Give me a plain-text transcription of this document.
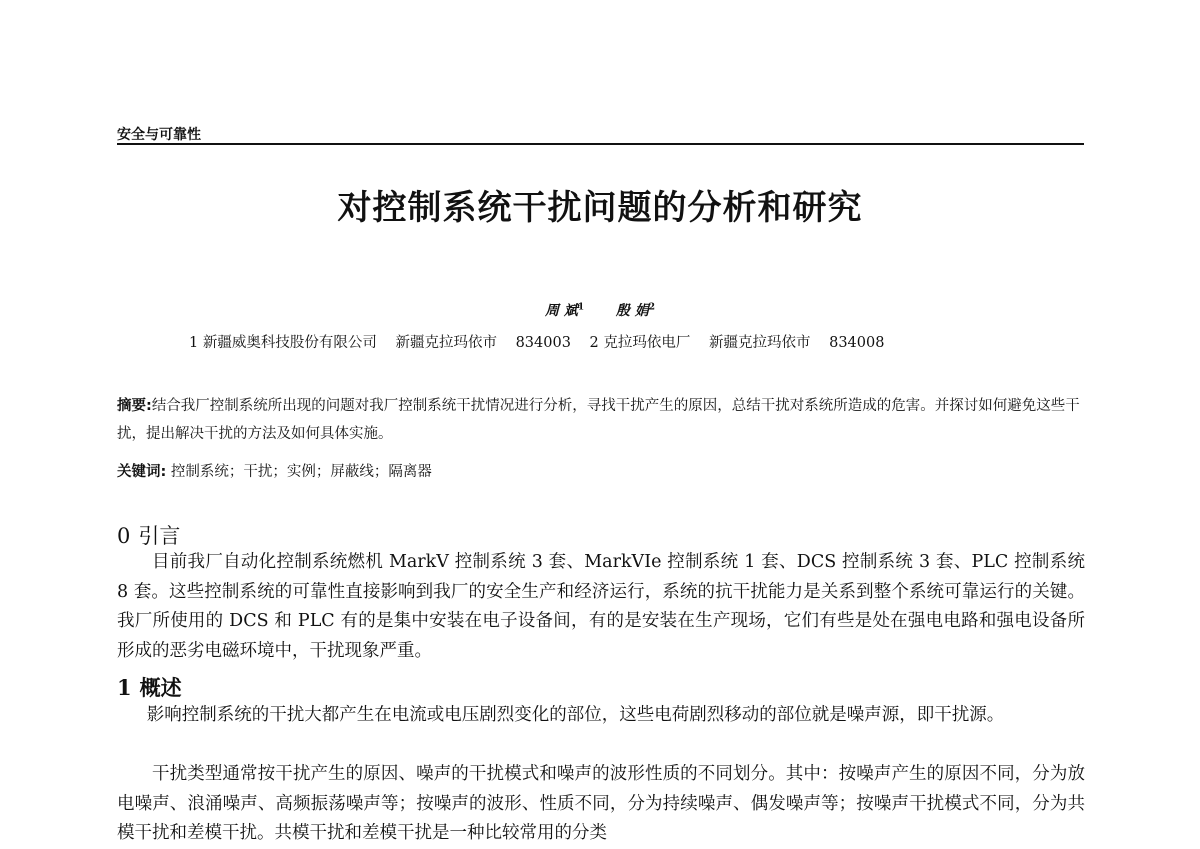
安全与可靠性
对控制系统干扰问题的分析和研究
周 斌$^1$ 殷 娟$^2$
1 新疆威奥科技股份有限公司 新疆克拉玛依市 834003 2 克拉玛依电厂 新疆克拉玛依市 834008
摘要:结合我厂控制系统所出现的问题对我厂控制系统干扰情况进行分析，寻找干扰产生的原因，总结干扰对系统所造成的危害。并探讨如何避免这些干扰，提出解决干扰的方法及如何具体实施。
关键词: 控制系统；干扰；实例；屏蔽线；隔离器
0 引言

目前我厂自动化控制系统燃机 MarkV 控制系统 3 套、MarkVIe 控制系统 1 套、DCS 控制系统 3 套、PLC 控制系统 8 套。这些控制系统的可靠性直接影响到我厂的安全生产和经济运行，系统的抗干扰能力是关系到整个系统可靠运行的关键。我厂所使用的 DCS 和 PLC 有的是集中安装在电子设备间，有的是安装在生产现场，它们有些是处在强电电路和强电设备所形成的恶劣电磁环境中，干扰现象严重。

1 概述

影响控制系统的干扰大都产生在电流或电压剧烈变化的部位，这些电荷剧烈移动的部位就是噪声源，即干扰源。

干扰类型通常按干扰产生的原因、噪声的干扰模式和噪声的波形性质的不同划分。其中：按噪声产生的原因不同，分为放电噪声、浪涌噪声、高频振荡噪声等；按噪声的波形、性质不同，分为持续噪声、偶发噪声等；按噪声干扰模式不同，分为共模干扰和差模干扰。共模干扰和差模干扰是一种比较常用的分类
